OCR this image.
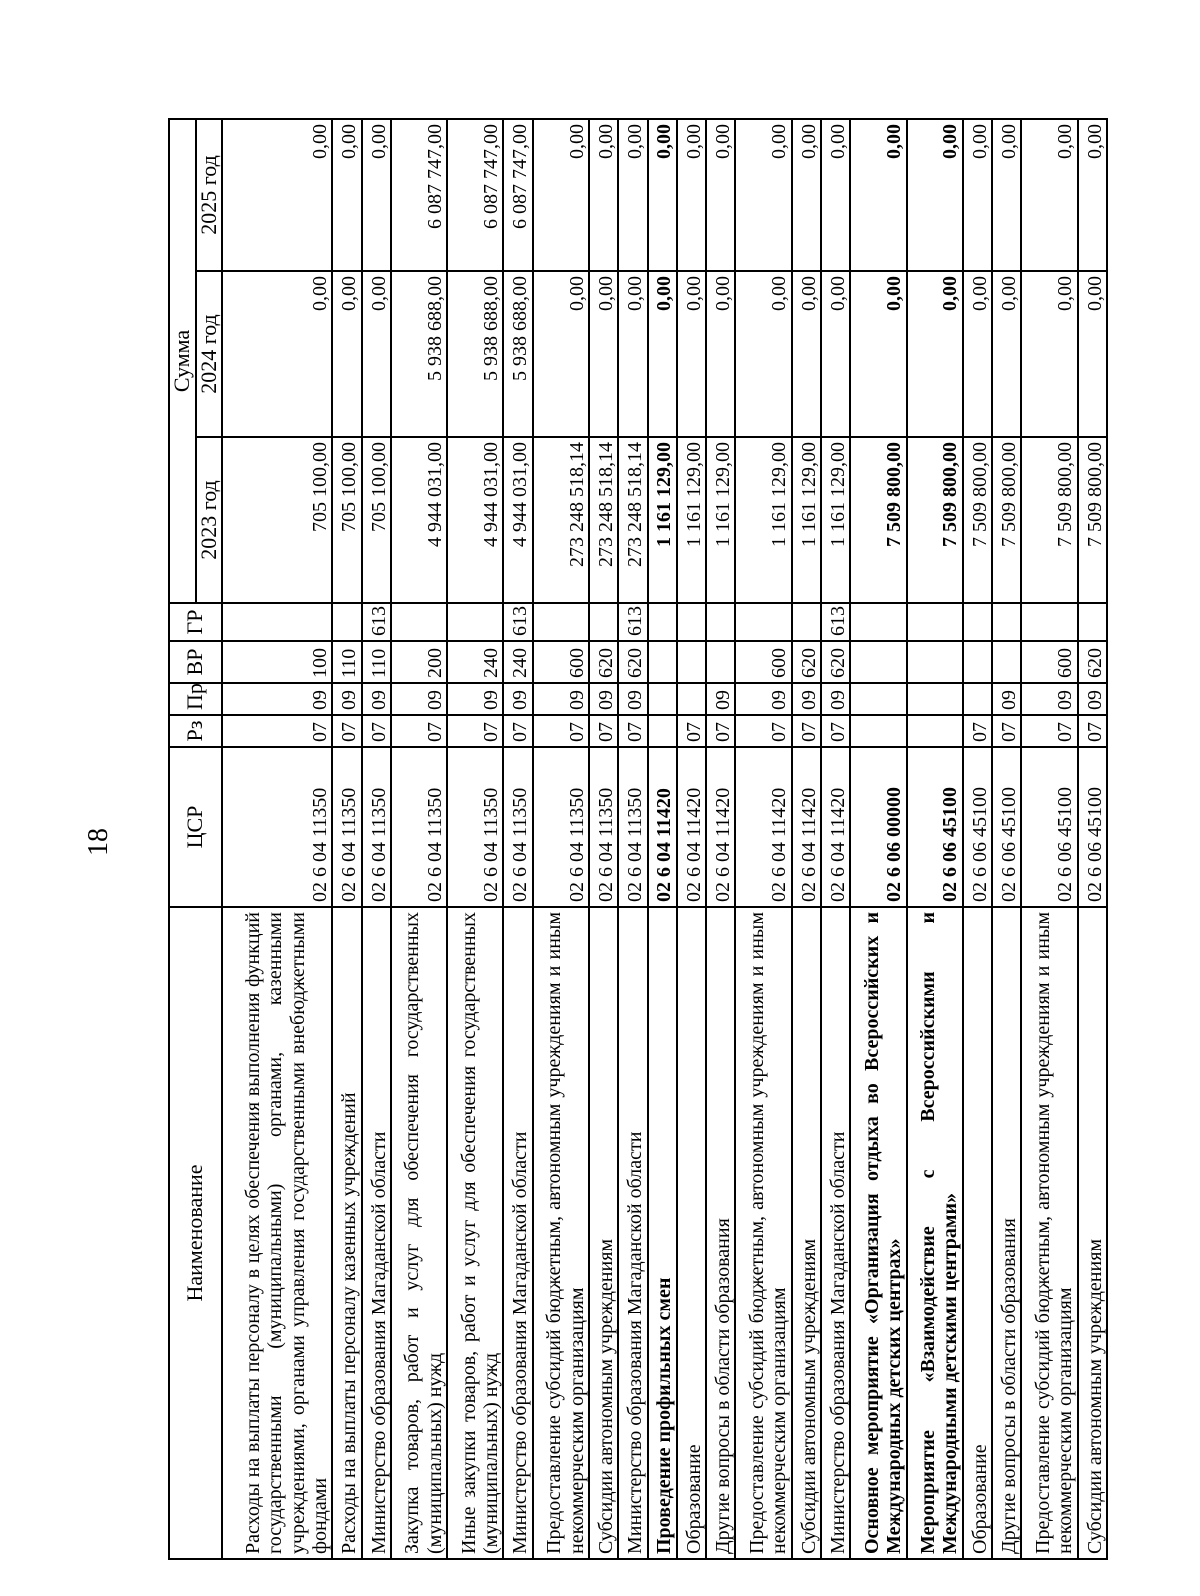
18
Наименование	ЦСР	Рз	Пр	ВР	ГР	Сумма		
						2023 год	2024 год	2025 год
Расходы на выплаты персоналу в целях обеспечения выполнения функций государственными (муниципальными) органами, казенными учреждениями, органами управления государственными внебюджетными фондами	02 6 04 11350	07	09	100		705 100,00	0,00	0,00
Расходы на выплаты персоналу казенных учреждений	02 6 04 11350	07	09	110		705 100,00	0,00	0,00
Министерство образования Магаданской области	02 6 04 11350	07	09	110	613	705 100,00	0,00	0,00
Закупка товаров, работ и услуг для обеспечения государственных (муниципальных) нужд	02 6 04 11350	07	09	200		4 944 031,00	5 938 688,00	6 087 747,00
Иные закупки товаров, работ и услуг для обеспечения государственных (муниципальных) нужд	02 6 04 11350	07	09	240		4 944 031,00	5 938 688,00	6 087 747,00
Министерство образования Магаданской области	02 6 04 11350	07	09	240	613	4 944 031,00	5 938 688,00	6 087 747,00
Предоставление субсидий бюджетным, автономным учреждениям и иным некоммерческим организациям	02 6 04 11350	07	09	600		273 248 518,14	0,00	0,00
Субсидии автономным учреждениям	02 6 04 11350	07	09	620		273 248 518,14	0,00	0,00
Министерство образования Магаданской области	02 6 04 11350	07	09	620	613	273 248 518,14	0,00	0,00
Проведение профильных смен	02 6 04 11420					1 161 129,00	0,00	0,00
Образование	02 6 04 11420	07				1 161 129,00	0,00	0,00
Другие вопросы в области образования	02 6 04 11420	07	09			1 161 129,00	0,00	0,00
Предоставление субсидий бюджетным, автономным учреждениям и иным некоммерческим организациям	02 6 04 11420	07	09	600		1 161 129,00	0,00	0,00
Субсидии автономным учреждениям	02 6 04 11420	07	09	620		1 161 129,00	0,00	0,00
Министерство образования Магаданской области	02 6 04 11420	07	09	620	613	1 161 129,00	0,00	0,00
Основное мероприятие «Организация отдыха во Всероссийских и Международных детских центрах»	02 6 06 00000					7 509 800,00	0,00	0,00
Мероприятие «Взаимодействие с Всероссийскими и Международными детскими центрами»	02 6 06 45100					7 509 800,00	0,00	0,00
Образование	02 6 06 45100	07				7 509 800,00	0,00	0,00
Другие вопросы в области образования	02 6 06 45100	07	09			7 509 800,00	0,00	0,00
Предоставление субсидий бюджетным, автономным учреждениям и иным некоммерческим организациям	02 6 06 45100	07	09	600		7 509 800,00	0,00	0,00
Субсидии автономным учреждениям	02 6 06 45100	07	09	620		7 509 800,00	0,00	0,00
